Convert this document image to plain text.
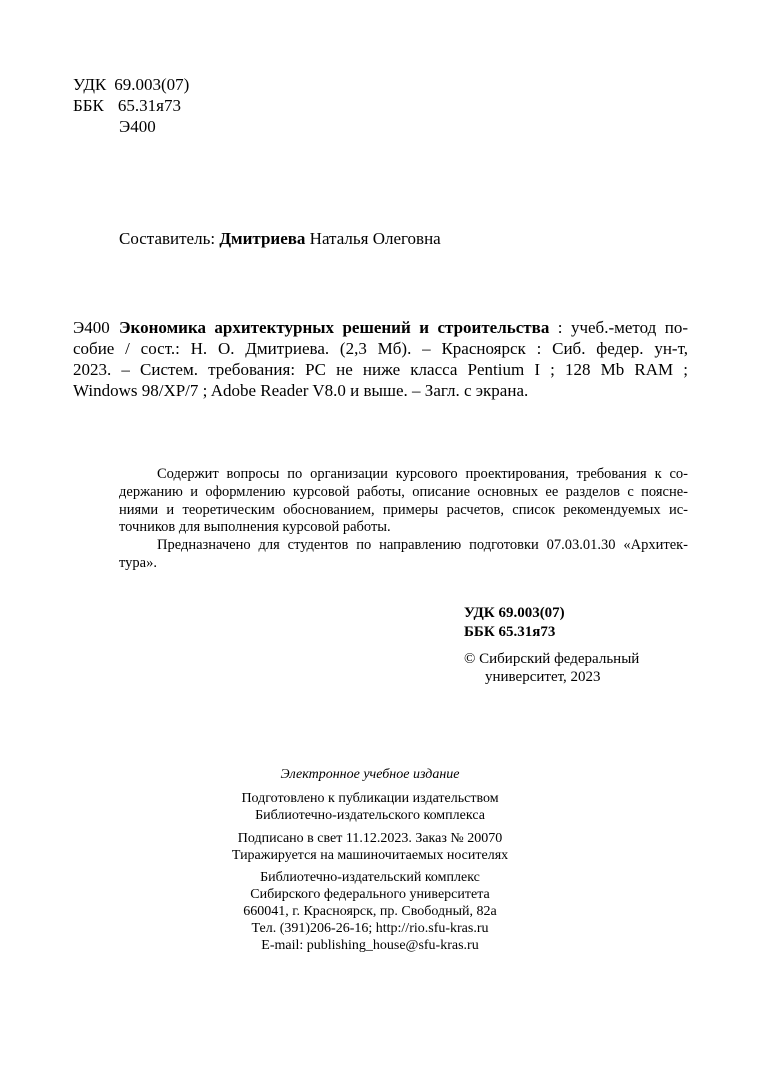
УДК 69.003(07)
ББК 65.31я73
Э400
Составитель: Дмитриева Наталья Олеговна
Э400 Экономика архитектурных решений и строительства : учеб.-метод по-
собие / сост.: Н. О. Дмитриева. (2,3 Мб). – Красноярск : Сиб. федер. ун-т,
2023. – Систем. требования: PC не ниже класса Pentium I ; 128 Mb RAM ;
Windows 98/XP/7 ; Adobe Reader V8.0 и выше. – Загл. с экрана.
Содержит вопросы по организации курсового проектирования, требования к со-
держанию и оформлению курсовой работы, описание основных ее разделов с поясне-
ниями и теоретическим обоснованием, примеры расчетов, список рекомендуемых ис-
точников для выполнения курсовой работы.
Предназначено для студентов по направлению подготовки 07.03.01.30 «Архитек-
тура».
УДК 69.003(07)
ББК 65.31я73
© Сибирский федеральный
университет, 2023
Электронное учебное издание
Подготовлено к публикации издательством
Библиотечно-издательского комплекса
Подписано в свет 11.12.2023. Заказ № 20070
Тиражируется на машиночитаемых носителях
Библиотечно-издательский комплекс
Сибирского федерального университета
660041, г. Красноярск, пр. Свободный, 82а
Тел. (391)206-26-16; http://rio.sfu-kras.ru
E-mail: publishing_house@sfu-kras.ru
